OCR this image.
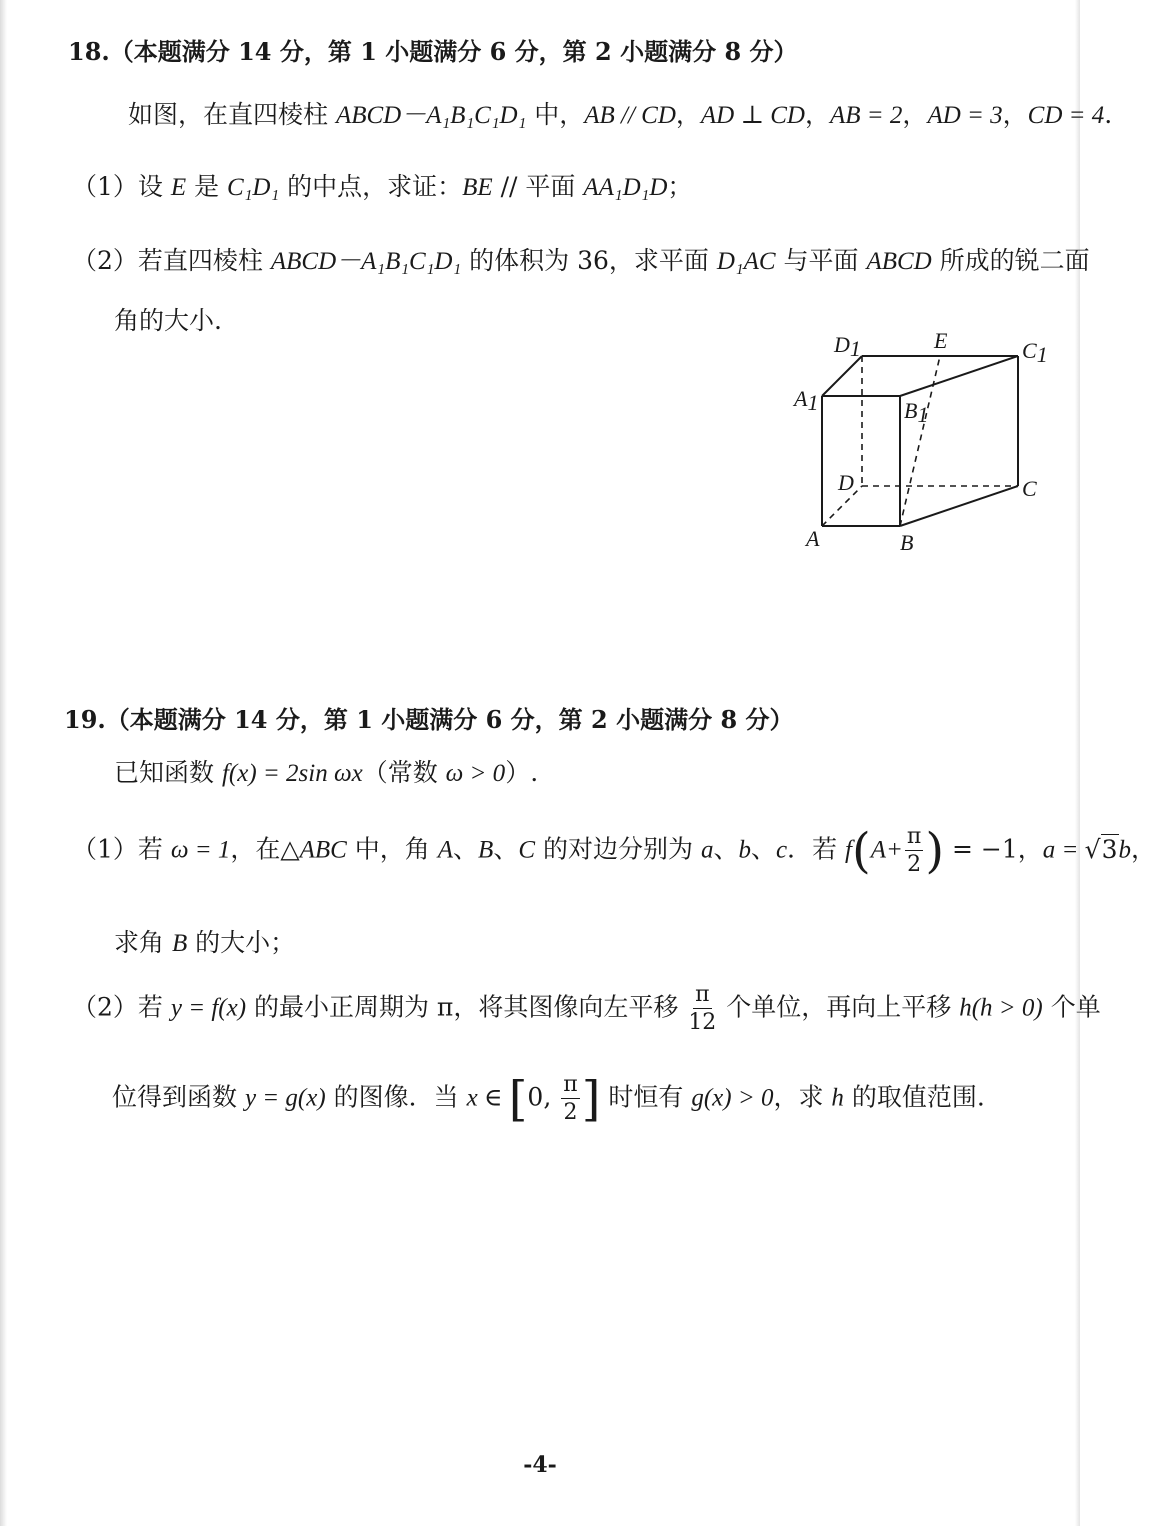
18.（本题满分 14 分，第 1 小题满分 6 分，第 2 小题满分 8 分）
如图，在直四棱柱 ABCD－A₁B₁C₁D₁ 中，AB // CD，AD ⊥ CD，AB = 2，AD = 3，CD = 4.
（1）设 E 是 C₁D₁ 的中点，求证：BE // 平面 AA₁D₁D；
（2）若直四棱柱 ABCD－A₁B₁C₁D₁ 的体积为 36，求平面 D₁AC 与平面 ABCD 所成的锐二面
角的大小.
D1	E	C1
A1	B1
D	C
A	B
19.（本题满分 14 分，第 1 小题满分 6 分，第 2 小题满分 8 分）
已知函数 f(x) = 2sin ωx（常数 ω > 0）.
（1）若 ω = 1，在△ABC 中，角 A、B、C 的对边分别为 a、b、c．若 $f(A+ \frac{\pi}{2}$ ) = −1，a = √3b，
求角 B 的大小；
（2）若 y = f(x) 的最小正周期为 π，将其图像向左平移 $\frac{\pi}{12}$ 个单位，再向上平移 h(h > 0) 个单
位得到函数 y = g(x) 的图像．当 x ∈ [0, $\frac{\pi}{2}$ ] 时恒有 g(x) > 0，求 h 的取值范围.
-4-
